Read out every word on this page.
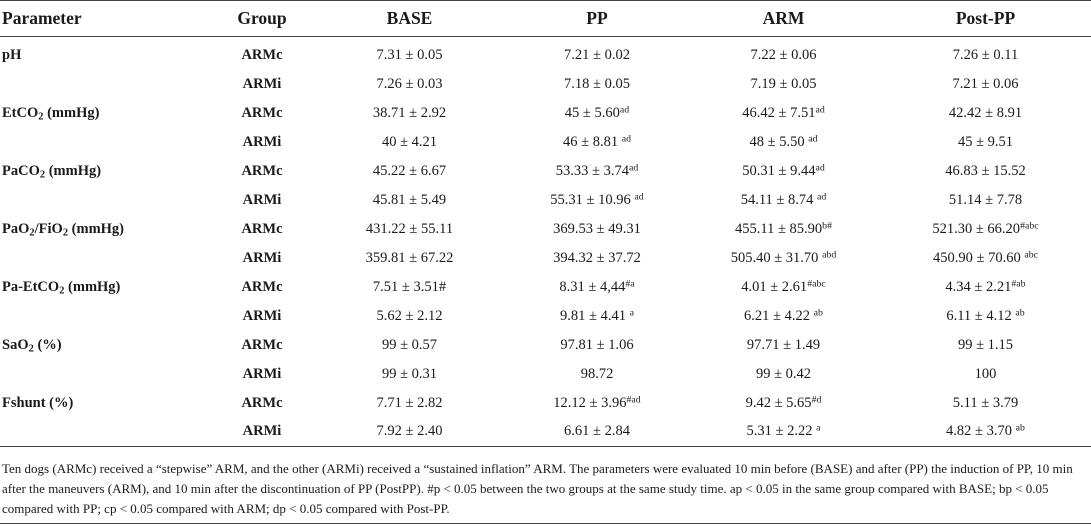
Parameter	Group	BASE	PP	ARM	Post-PP
pH	ARMc	7.31 ± 0.05	7.21 ± 0.02	7.22 ± 0.06	7.26 ± 0.11
	ARMi	7.26 ± 0.03	7.18 ± 0.05	7.19 ± 0.05	7.21 ± 0.06
EtCO$_2$ (mmHg)	ARMc	38.71 ± 2.92	45 ± 5.60$^{ad}$	46.42 ± 7.51$^{ad}$	42.42 ± 8.91
	ARMi	40 ± 4.21	46 ± 8.81 $^{ad}$	48 ± 5.50 $^{ad}$	45 ± 9.51
PaCO$_2$ (mmHg)	ARMc	45.22 ± 6.67	53.33 ± 3.74$^{ad}$	50.31 ± 9.44$^{ad}$	46.83 ± 15.52
	ARMi	45.81 ± 5.49	55.31 ± 10.96 $^{ad}$	54.11 ± 8.74 $^{ad}$	51.14 ± 7.78
PaO$_2$/FiO$_2$ (mmHg)	ARMc	431.22 ± 55.11	369.53 ± 49.31	$455.11 \pm 85.90^{b\#}$	$521.30 \pm 66.20^{\#abc}$
	ARMi	359.81 ± 67.22	394.32 ± 37.72	505.40 ± 31.70 $^{abd}$	450.90 ± 70.60 $^{abc}$
Pa-EtCO$_2$ (mmHg)	ARMc	7.51 ± 3.51#	$8.31 \pm 4,44^{\#a}$	$4.01 \pm 2.61^{\#abc}$	$4.34 \pm 2.21^{\#ab}$
	ARMi	5.62 ± 2.12	9.81 ± 4.41 $^a$	6.21 ± 4.22 $^{ab}$	6.11 ± 4.12 $^{ab}$
SaO$_2$ (%)	ARMc	99 ± 0.57	97.81 ± 1.06	97.71 ± 1.49	99 ± 1.15
	ARMi	99 ± 0.31	98.72	99 ± 0.42	100
Fshunt (%)	ARMc	7.71 ± 2.82	$12.12 \pm 3.96^{\#ad}$	$9.42 \pm 5.65^{\#d}$	5.11 ± 3.79
	ARMi	7.92 ± 2.40	6.61 ± 2.84	5.31 ± 2.22 $^a$	4.82 ± 3.70 $^{ab}$
Ten dogs (ARMc) received a “stepwise” ARM, and the other (ARMi) received a “sustained inflation” ARM. The parameters were evaluated 10 min before (BASE) and after (PP) the induction of PP, 10 min after the maneuvers (ARM), and 10 min after the discontinuation of PP (PostPP). #p < 0.05 between the two groups at the same study time. ap < 0.05 in the same group compared with BASE; bp < 0.05 compared with PP; cp < 0.05 compared with ARM; dp < 0.05 compared with Post-PP.
